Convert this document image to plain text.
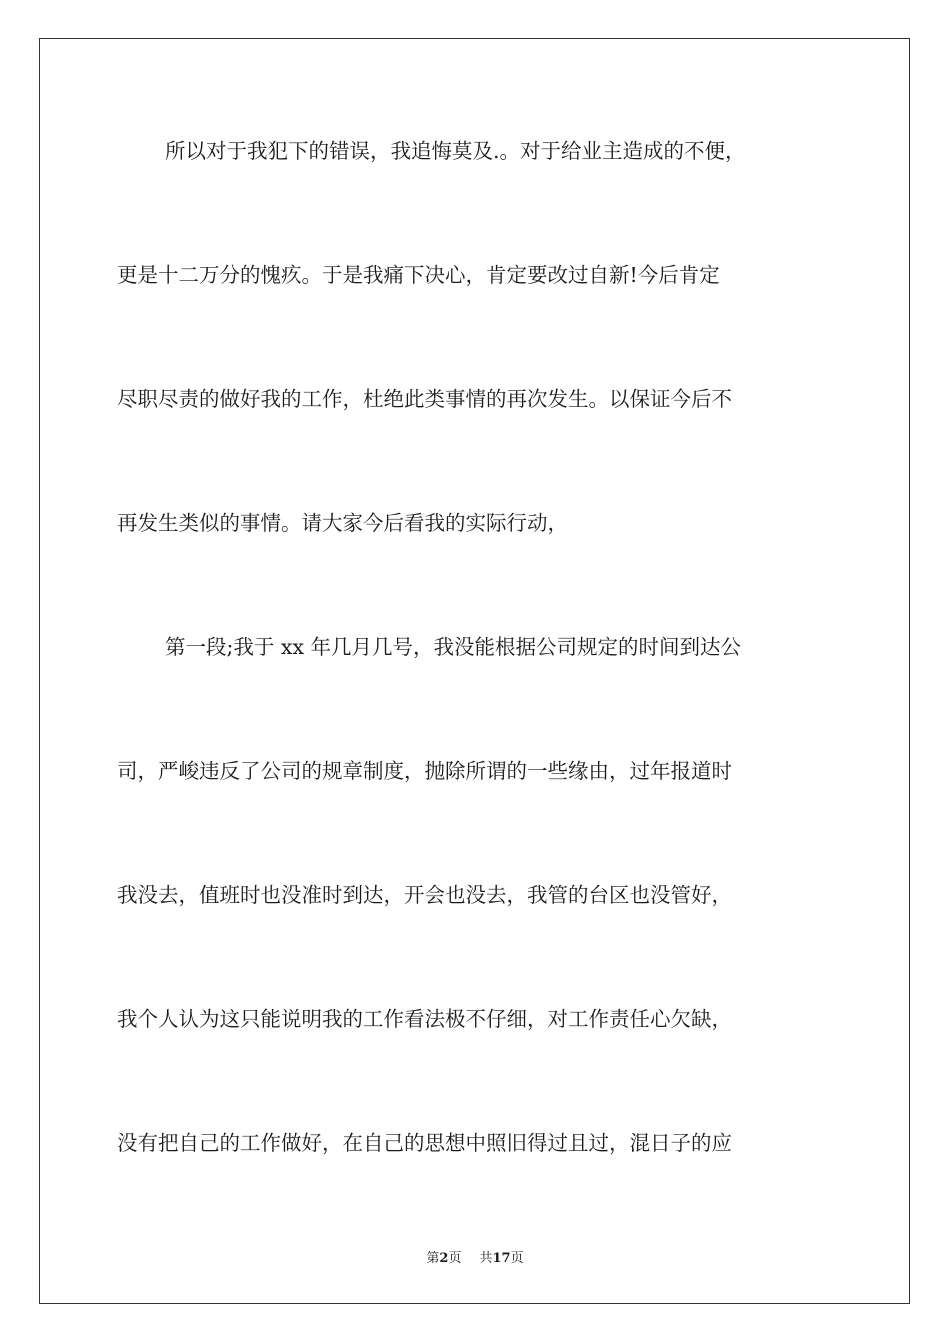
所以对于我犯下的错误，我追悔莫及.。对于给业主造成的不便，
更是十二万分的愧疚。于是我痛下决心，肯定要改过自新!今后肯定
尽职尽责的做好我的工作，杜绝此类事情的再次发生。以保证今后不
再发生类似的事情。请大家今后看我的实际行动，
第一段;我于 xx 年几月几号，我没能根据公司规定的时间到达公
司，严峻违反了公司的规章制度，抛除所谓的一些缘由，过年报道时
我没去，值班时也没准时到达，开会也没去，我管的台区也没管好，
我个人认为这只能说明我的工作看法极不仔细，对工作责任心欠缺，
没有把自己的工作做好，在自己的思想中照旧得过且过，混日子的应
第2页 共17页
